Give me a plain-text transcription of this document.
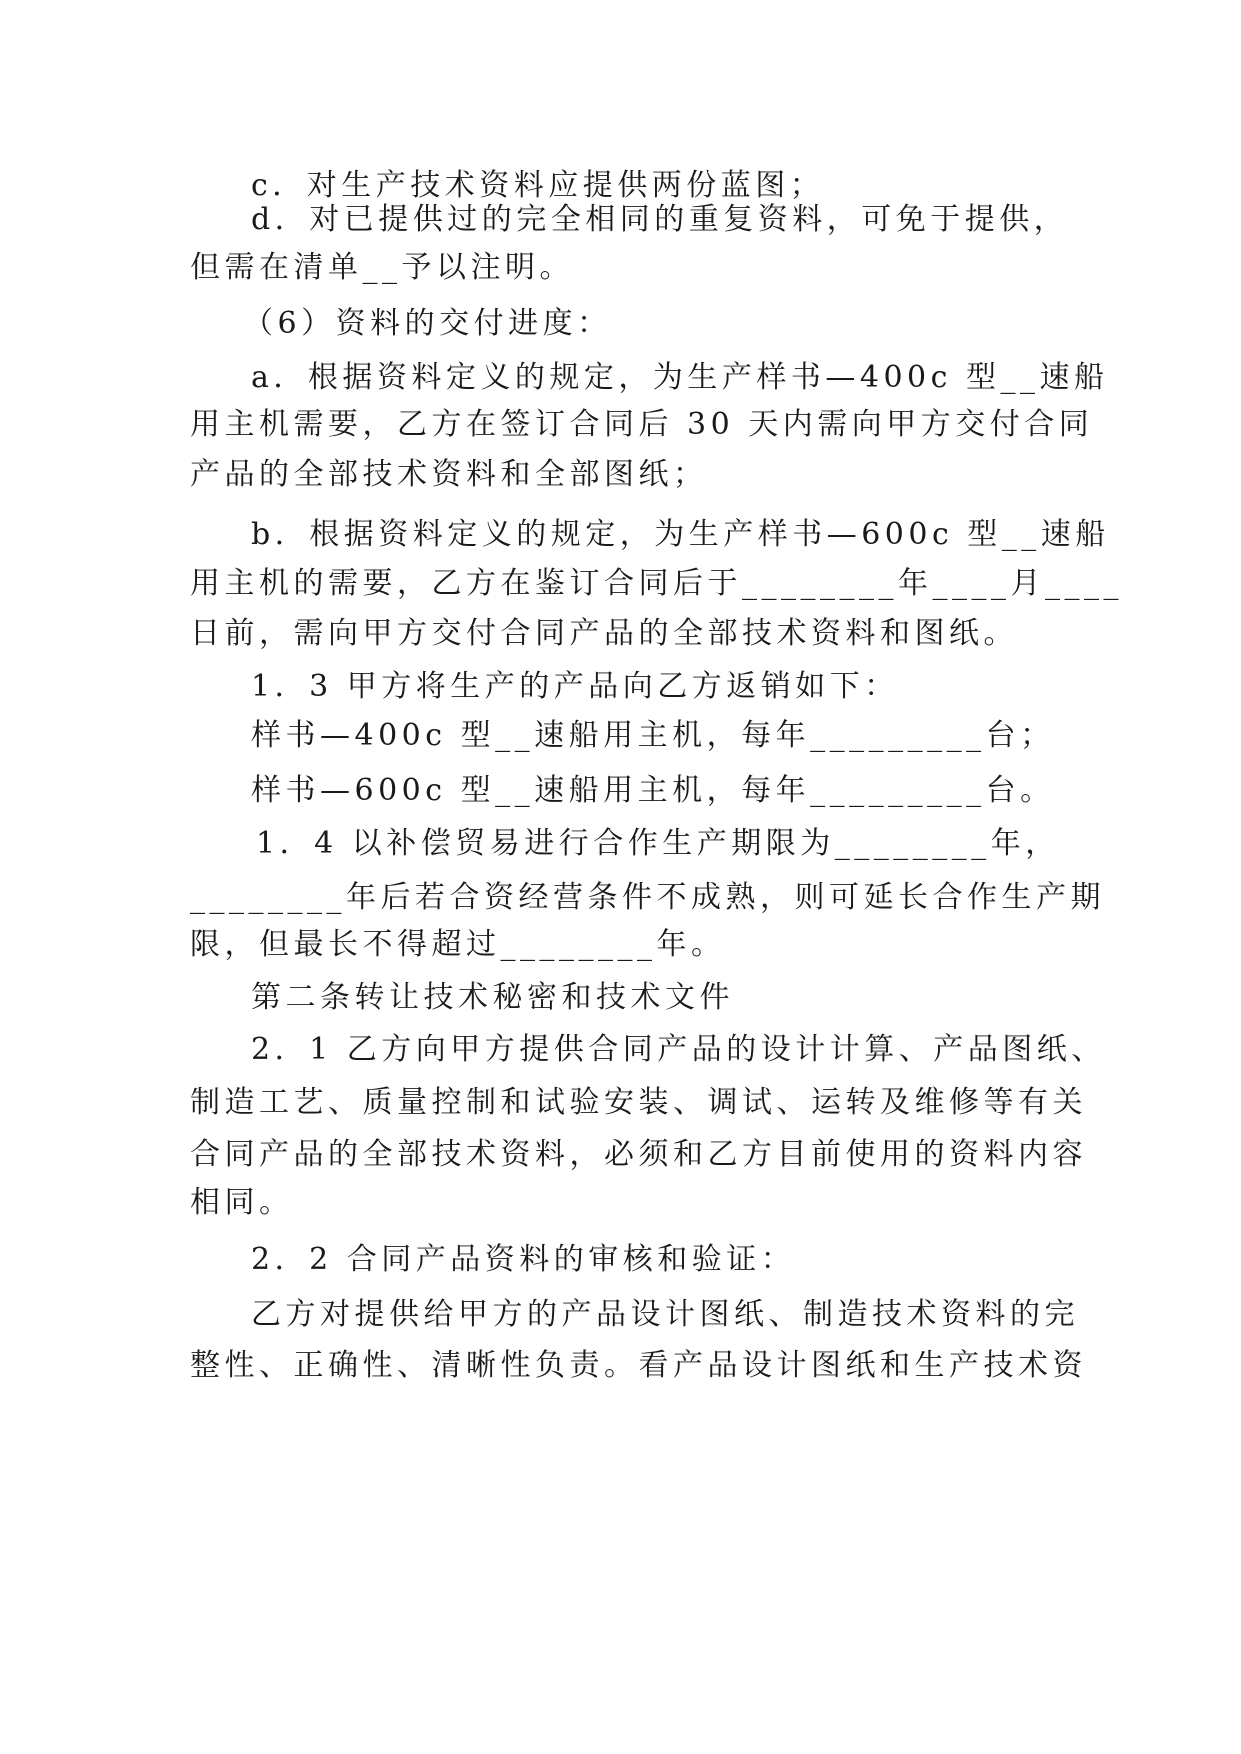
c．对生产技术资料应提供两份蓝图；
d．对已提供过的完全相同的重复资料，可免于提供，
但需在清单__予以注明。
（6）资料的交付进度：
a．根据资料定义的规定，为生产样书—400c 型__速船
用主机需要，乙方在签订合同后 30 天内需向甲方交付合同
产品的全部技术资料和全部图纸；
b．根据资料定义的规定，为生产样书—600c 型__速船
用主机的需要，乙方在鉴订合同后于________年____月____
日前，需向甲方交付合同产品的全部技术资料和图纸。
1．3 甲方将生产的产品向乙方返销如下：
样书—400c 型__速船用主机，每年_________台；
样书—600c 型__速船用主机，每年_________台。
1．4 以补偿贸易进行合作生产期限为________年，
________年后若合资经营条件不成熟，则可延长合作生产期
限，但最长不得超过________年。
第二条转让技术秘密和技术文件
2．1 乙方向甲方提供合同产品的设计计算、产品图纸、
制造工艺、质量控制和试验安装、调试、运转及维修等有关
合同产品的全部技术资料，必须和乙方目前使用的资料内容
相同。
2．2 合同产品资料的审核和验证：
乙方对提供给甲方的产品设计图纸、制造技术资料的完
整性、正确性、清晰性负责。看产品设计图纸和生产技术资
